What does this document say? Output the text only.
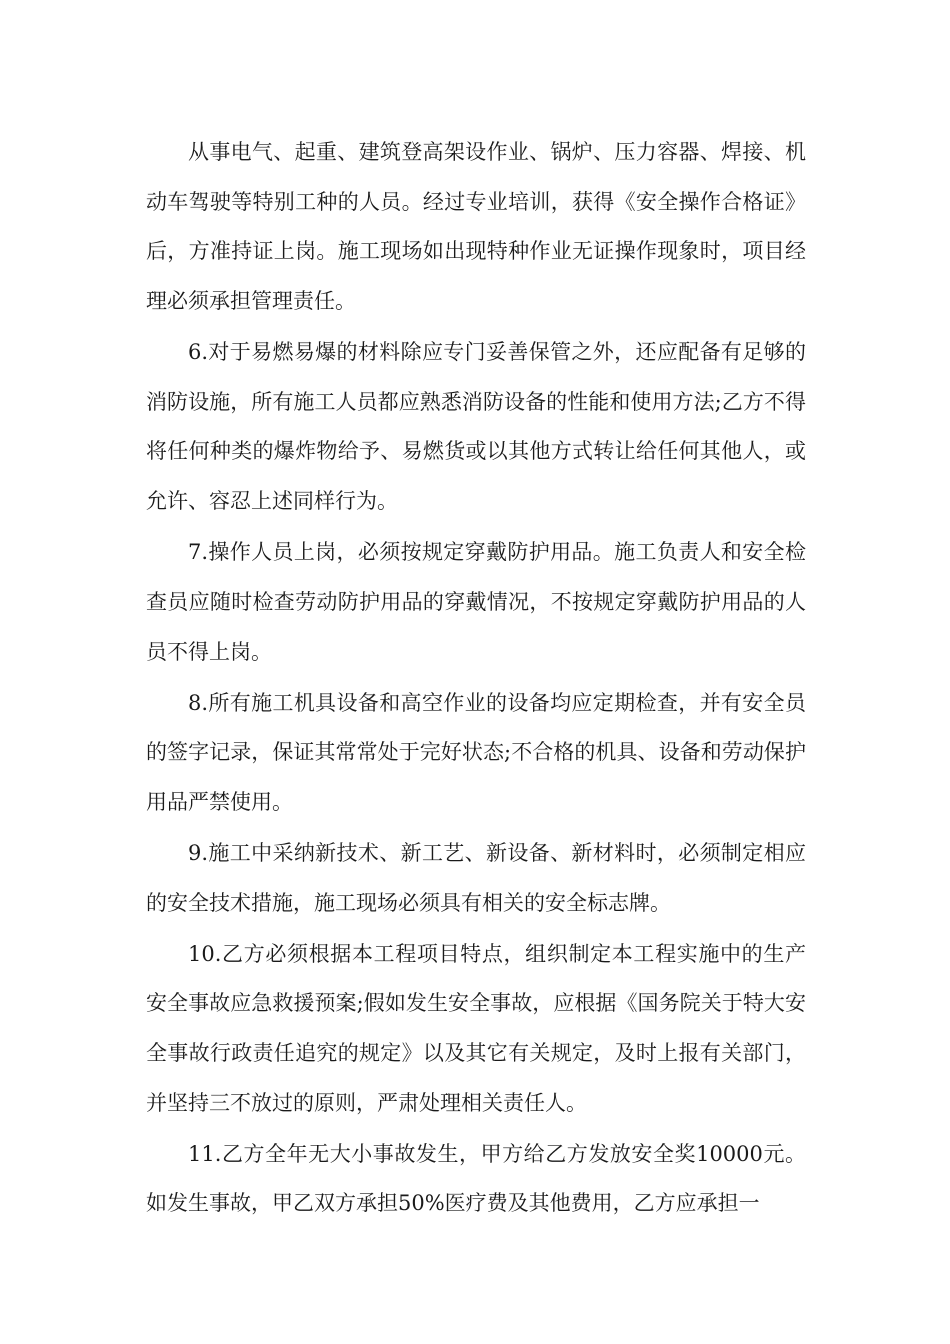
从事电气、起重、建筑登高架设作业、锅炉、压力容器、焊接、机动车驾驶等特别工种的人员。经过专业培训，获得《安全操作合格证》后，方准持证上岗。施工现场如出现特种作业无证操作现象时，项目经理必须承担管理责任。

6.对于易燃易爆的材料除应专门妥善保管之外，还应配备有足够的消防设施，所有施工人员都应熟悉消防设备的性能和使用方法;乙方不得将任何种类的爆炸物给予、易燃货或以其他方式转让给任何其他人，或允许、容忍上述同样行为。

7.操作人员上岗，必须按规定穿戴防护用品。施工负责人和安全检查员应随时检查劳动防护用品的穿戴情况，不按规定穿戴防护用品的人员不得上岗。

8.所有施工机具设备和高空作业的设备均应定期检查，并有安全员的签字记录，保证其常常处于完好状态;不合格的机具、设备和劳动保护用品严禁使用。

9.施工中采纳新技术、新工艺、新设备、新材料时，必须制定相应的安全技术措施，施工现场必须具有相关的安全标志牌。

10.乙方必须根据本工程项目特点，组织制定本工程实施中的生产安全事故应急救援预案;假如发生安全事故，应根据《国务院关于特大安全事故行政责任追究的规定》以及其它有关规定，及时上报有关部门，并坚持三不放过的原则，严肃处理相关责任人。

11.乙方全年无大小事故发生，甲方给乙方发放安全奖10000元。如发生事故，甲乙双方承担50%医疗费及其他费用，乙方应承担一
